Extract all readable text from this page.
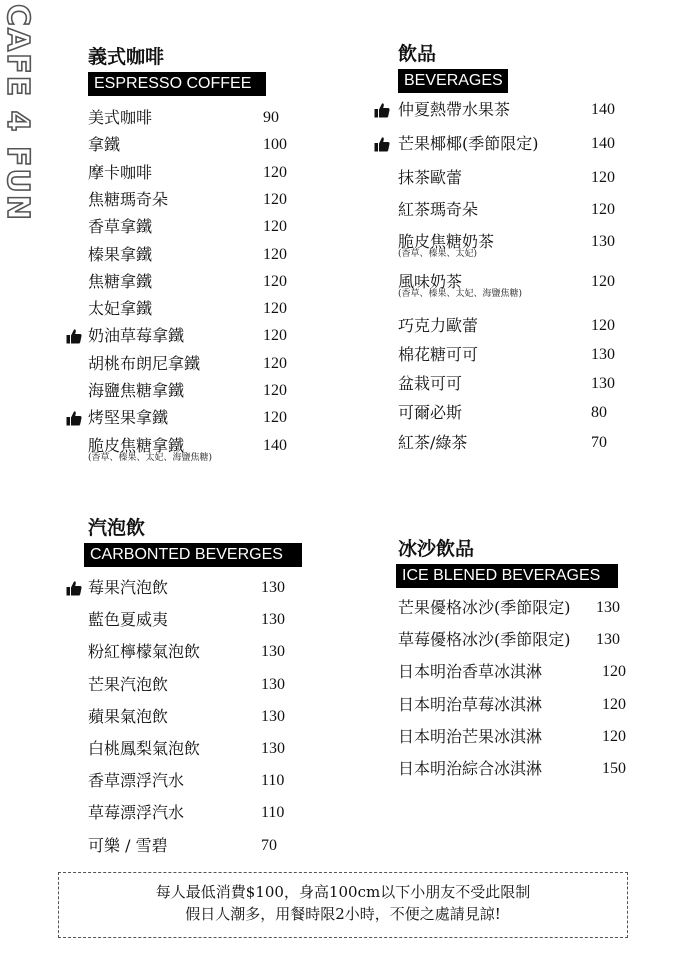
CAFE 4 FUN	義式咖啡
ESPRESSO COFFEE
飲品
BEVERAGES
汽泡飲
CARBONTED BEVERGES	冰沙飲品
ICE BLENED BEVERAGES
美式咖啡	90
拿鐵	100
摩卡咖啡	120
焦糖瑪奇朵	120
香草拿鐵	120
榛果拿鐵	120
焦糖拿鐵	120
太妃拿鐵	120
奶油草莓拿鐵	120
胡桃布朗尼拿鐵	120
海鹽焦糖拿鐵	120
烤堅果拿鐵	120
脆皮焦糖拿鐵	140
(香草、榛果、太妃、海鹽焦糖)
仲夏熱帶水果茶	140
芒果椰椰(季節限定)	140
抹茶歐蕾	120
紅茶瑪奇朵	120
脆皮焦糖奶茶	130
(香草、榛果、太妃)
風味奶茶	120
(香草、榛果、太妃、海鹽焦糖)
巧克力歐蕾	120
棉花糖可可	130
盆栽可可	130
可爾必斯	80
紅茶/綠茶	70
莓果汽泡飲	130
藍色夏威夷	130
粉紅檸檬氣泡飲	130
芒果汽泡飲	130
蘋果氣泡飲	130
白桃鳳梨氣泡飲	130
香草漂浮汽水	110
草莓漂浮汽水	110
可樂 / 雪碧	70
芒果優格冰沙(季節限定) 130
草莓優格冰沙(季節限定) 130
日本明治香草冰淇淋	120
日本明治草莓冰淇淋	120
日本明治芒果冰淇淋	120
日本明治綜合冰淇淋	150
每人最低消費$100，身高100cm以下小朋友不受此限制
假日人潮多，用餐時限2小時，不便之處請見諒!
